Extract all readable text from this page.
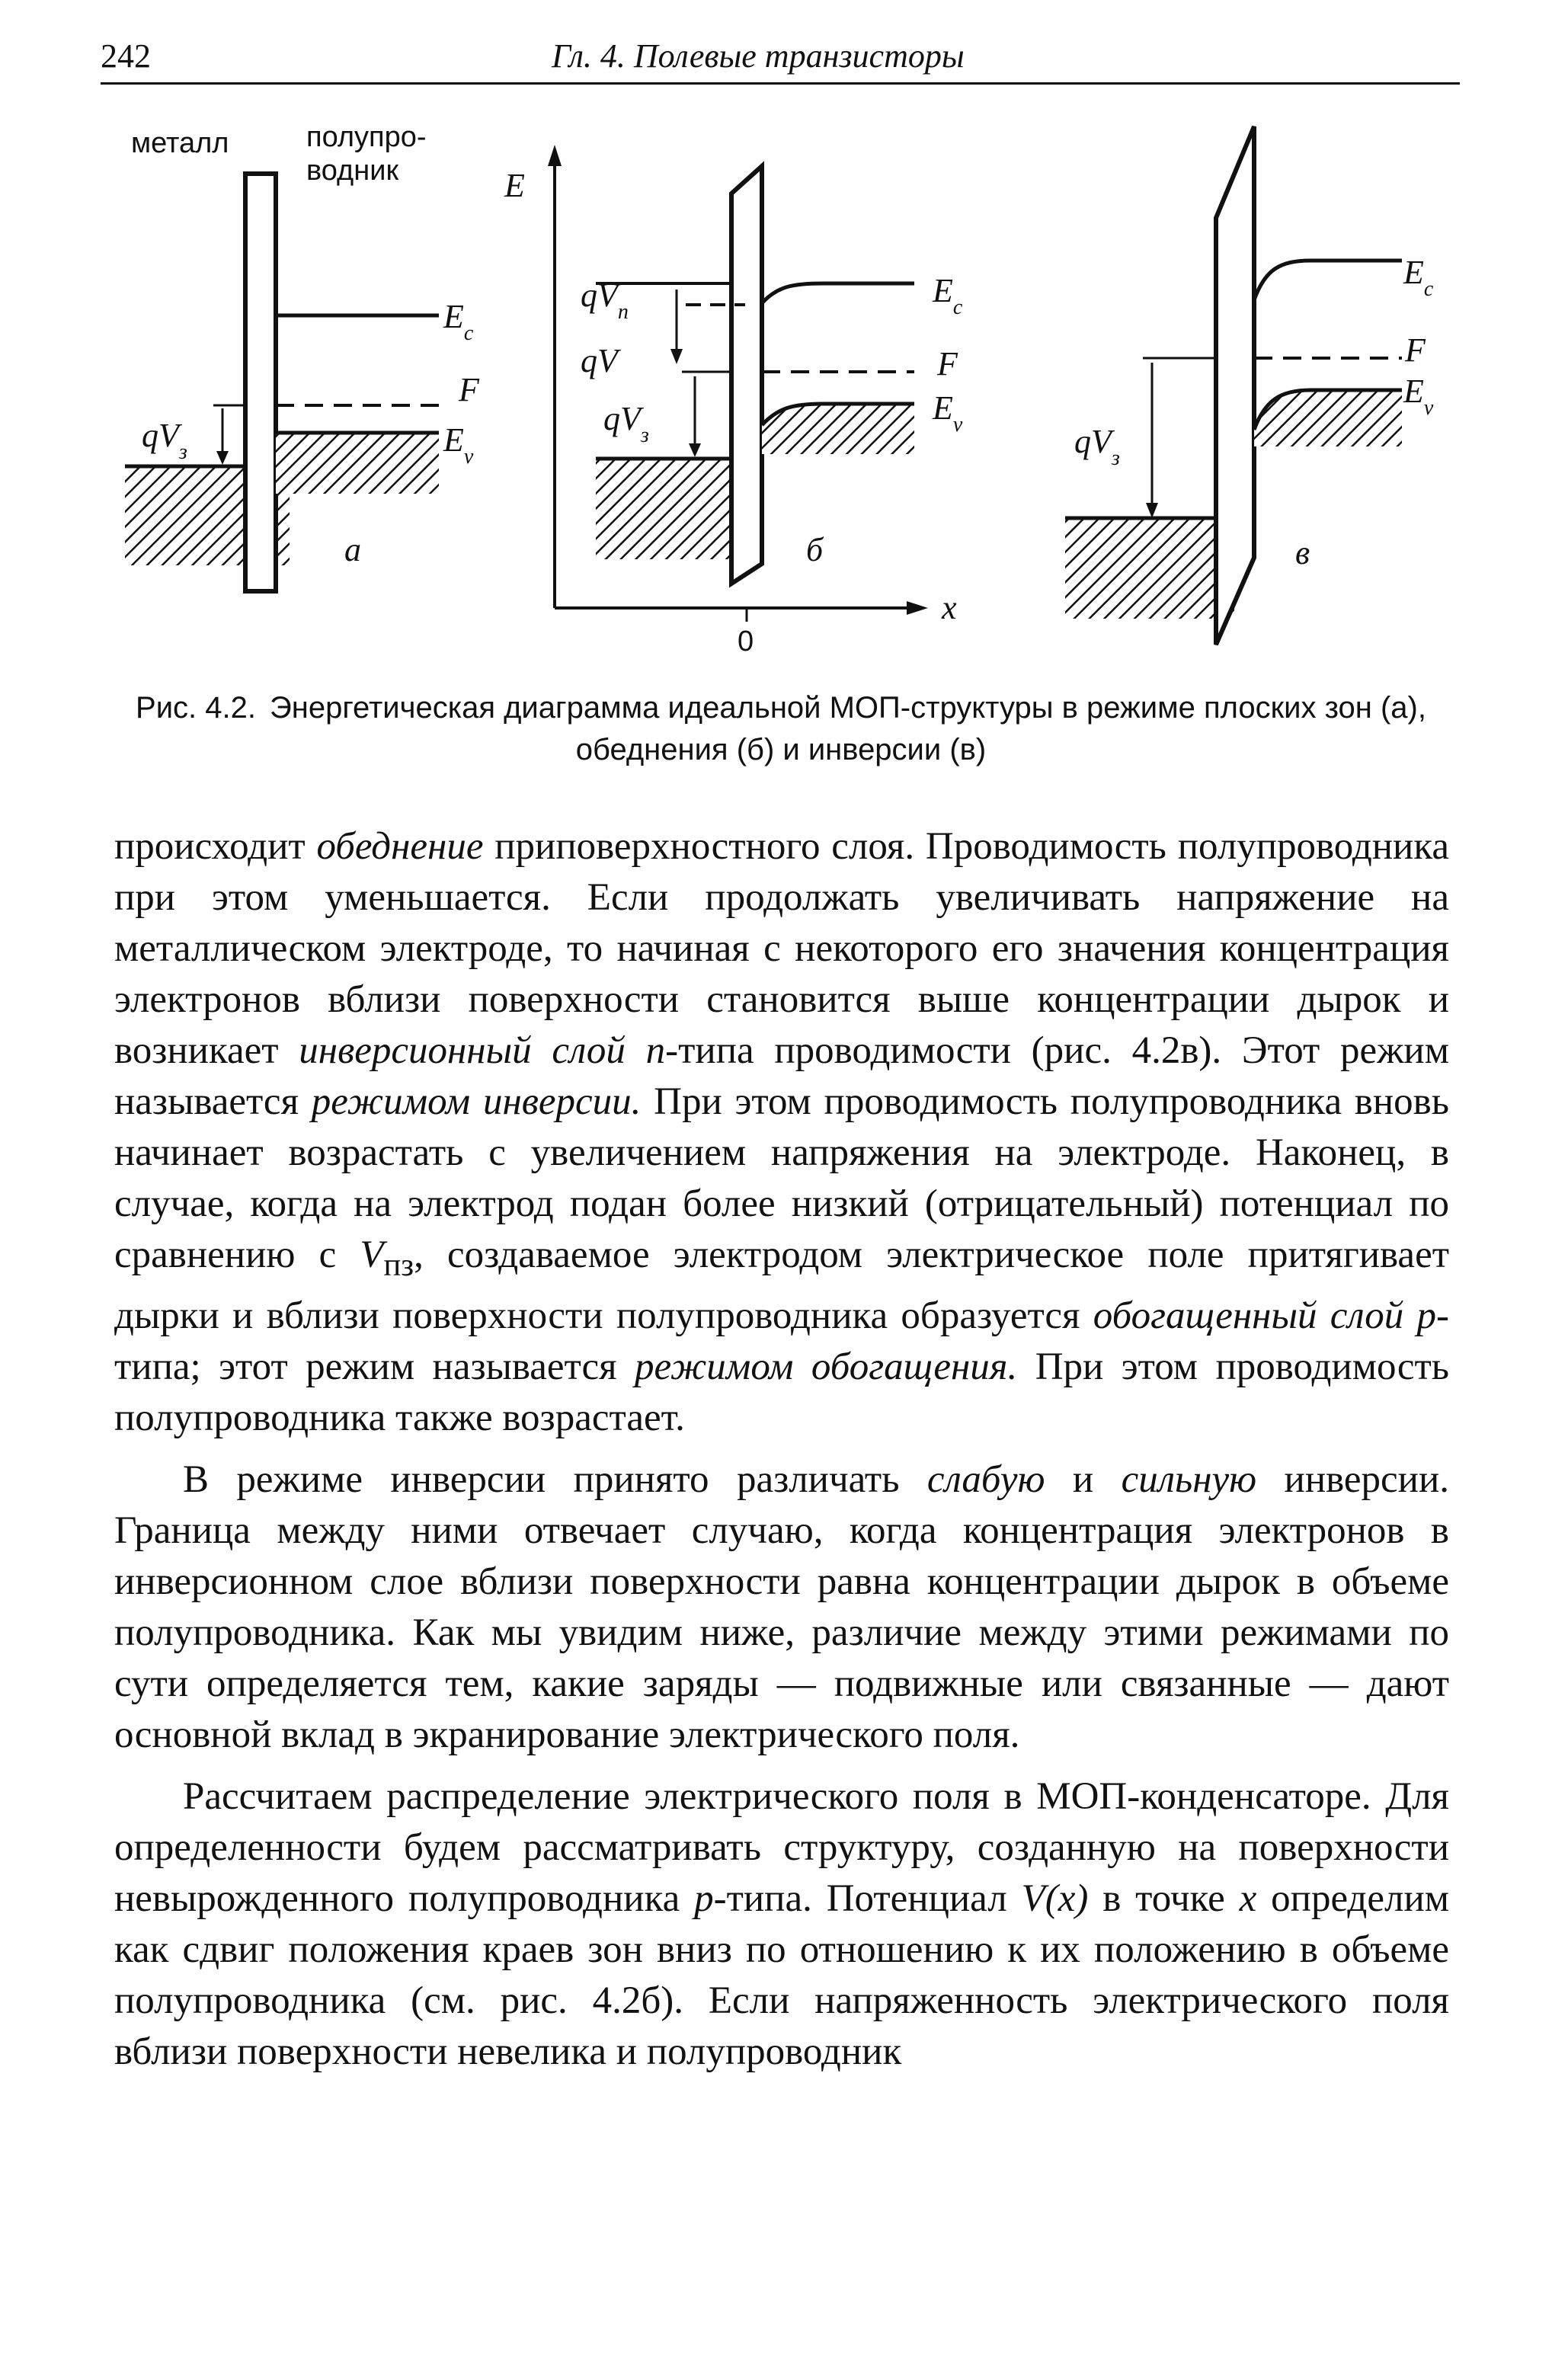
242	Гл. 4. Полевые транзисторы
металл	полупро-
водник
$qV_з$
$E_c$
F
$E_v$
а
E
x
0
$qV_п$
qV
$qV_з$
$E_c$
F
$E_v$
б
$qV_з$
$E_c$
F
$E_v$
в
Рис. 4.2. Энергетическая диаграмма идеальной МОП-структуры в режиме плоских зон (а), обеднения (б) и инверсии (в)

происходит обеднение приповерхностного слоя. Проводимость полупроводника при этом уменьшается. Если продолжать увеличивать напряжение на металлическом электроде, то начиная с некоторого его значения концентрация электронов вблизи поверхности становится выше концентрации дырок и возникает инверсионный слой n-типа проводимости (рис. 4.2в). Этот режим называется режимом инверсии. При этом проводимость полупроводника вновь начинает возрастать с увеличением напряжения на электроде. Наконец, в случае, когда на электрод подан более низкий (отрицательный) потенциал по сравнению с $V_{пз}$, создаваемое электродом электрическое поле притягивает дырки и вблизи поверхности полупроводника образуется обогащенный слой p-типа; этот режим называется режимом обогащения. При этом проводимость полупроводника также возрастает.

В режиме инверсии принято различать слабую и сильную инверсии. Граница между ними отвечает случаю, когда концентрация электронов в инверсионном слое вблизи поверхности равна концентрации дырок в объеме полупроводника. Как мы увидим ниже, различие между этими режимами по сути определяется тем, какие заряды — подвижные или связанные — дают основной вклад в экранирование электрического поля.

Рассчитаем распределение электрического поля в МОП-конденсаторе. Для определенности будем рассматривать структуру, созданную на поверхности невырожденного полупроводника p-типа. Потенциал V(x) в точке x определим как сдвиг положения краев зон вниз по отношению к их положению в объеме полупроводника (см. рис. 4.2б). Если напряженность электрического поля вблизи поверхности невелика и полупроводник
